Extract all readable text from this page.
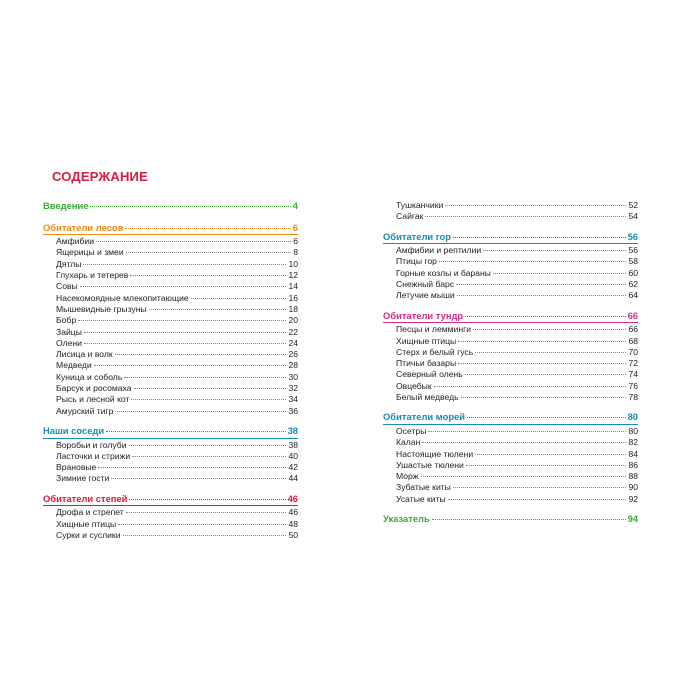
СОДЕРЖАНИЕ
Введение	4
Обитатели лесов	6
Амфибии	6
Ящерицы и змеи	8
Дятлы	10
Глухарь и тетерев	12
Совы	14
Насекомоядные млекопитающие	16
Мышевидные грызуны	18
Бобр	20
Зайцы	22
Олени	24
Лисица и волк	26
Медведи	28
Куница и соболь	30
Барсук и росомаха	32
Рысь и лесной кот	34
Амурский тигр	36
Наши соседи	38
Воробьи и голуби	38
Ласточки и стрижи	40
Врановые	42
Зимние гости	44
Обитатели степей	46
Дрофа и стрепет	46
Хищные птицы	48
Сурки и суслики	50
Тушканчики	52
Сайгак	54
Обитатели гор	56
Амфибии и рептилии	56
Птицы гор	58
Горные козлы и бараны	60
Снежный барс	62
Летучие мыши	64
Обитатели тундр	66
Песцы и лемминги	66
Хищные птицы	68
Стерх и белый гусь	70
Птичьи базары	72
Северный олень	74
Овцебык	76
Белый медведь	78
Обитатели морей	80
Осетры	80
Калан	82
Настоящие тюлени	84
Ушастые тюлени	86
Морж	88
Зубатые киты	90
Усатые киты	92
Указатель	94
